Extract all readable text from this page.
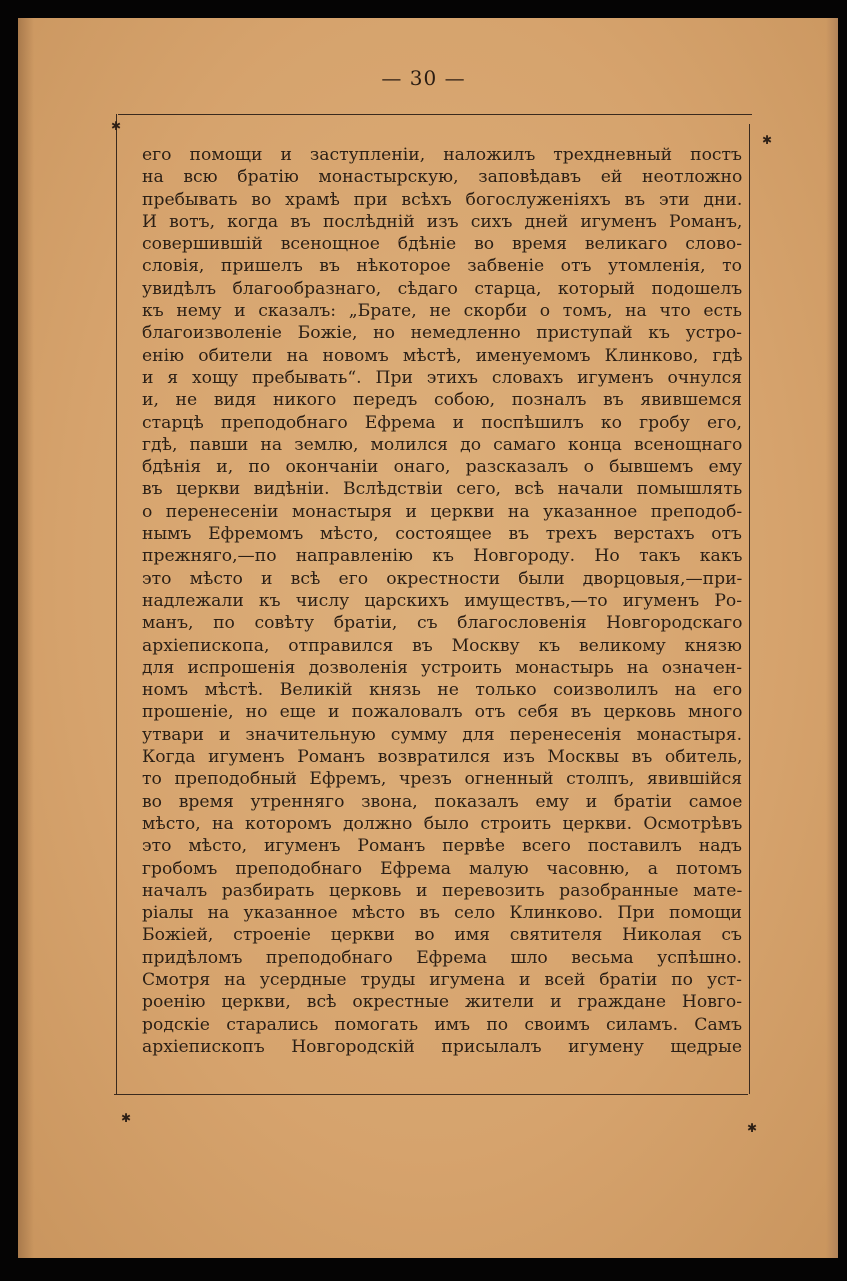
— 30 —
✱
✱
✱
✱
его помощи и заступленіи, наложилъ трехдневный постъ
на всю братію монастырскую, заповѣдавъ ей неотложно
пребывать во храмѣ при всѣхъ богослуженіяхъ въ эти дни.
И вотъ, когда въ послѣдній изъ сихъ дней игуменъ Романъ,
совершившій всенощное бдѣніе во время великаго слово-
словія, пришелъ въ нѣкоторое забвеніе отъ утомленія, то
увидѣлъ благообразнаго, сѣдаго старца, который подошелъ
къ нему и сказалъ: „Брате, не скорби о томъ, на что есть
благоизволеніе Божіе, но немедленно приступай къ устро-
енію обители на новомъ мѣстѣ, именуемомъ Клинково, гдѣ
и я хощу пребывать“. При этихъ словахъ игуменъ очнулся
и, не видя никого передъ собою, позналъ въ явившемся
старцѣ преподобнаго Ефрема и поспѣшилъ ко гробу его,
гдѣ, павши на землю, молился до самаго конца всенощнаго
бдѣнія и, по окончаніи онаго, разсказалъ о бывшемъ ему
въ церкви видѣніи. Вслѣдствіи сего, всѣ начали помышлять
о перенесеніи монастыря и церкви на указанное преподоб-
нымъ Ефремомъ мѣсто, состоящее въ трехъ верстахъ отъ
прежняго,—по направленію къ Новгороду. Но такъ какъ
это мѣсто и всѣ его окрестности были дворцовыя,—при-
надлежали къ числу царскихъ имуществъ,—то игуменъ Ро-
манъ, по совѣту братіи, съ благословенія Новгородскаго
архіепископа, отправился въ Москву къ великому князю
для испрошенія дозволенія устроить монастырь на означен-
номъ мѣстѣ. Великій князь не только соизволилъ на его
прошеніе, но еще и пожаловалъ отъ себя въ церковь много
утвари и значительную сумму для перенесенія монастыря.
Когда игуменъ Романъ возвратился изъ Москвы въ обитель,
то преподобный Ефремъ, чрезъ огненный столпъ, явившійся
во время утренняго звона, показалъ ему и братіи самое
мѣсто, на которомъ должно было строить церкви. Осмотрѣвъ
это мѣсто, игуменъ Романъ первѣе всего поставилъ надъ
гробомъ преподобнаго Ефрема малую часовню, а потомъ
началъ разбирать церковь и перевозить разобранные мате-
ріалы на указанное мѣсто въ село Клинково. При помощи
Божіей, строеніе церкви во имя святителя Николая съ
придѣломъ преподобнаго Ефрема шло весьма успѣшно.
Смотря на усердные труды игумена и всей братіи по уст-
роенію церкви, всѣ окрестные жители и граждане Новго-
родскіе старались помогать имъ по своимъ силамъ. Самъ
архіепископъ Новгородскій присылалъ игумену щедрые
